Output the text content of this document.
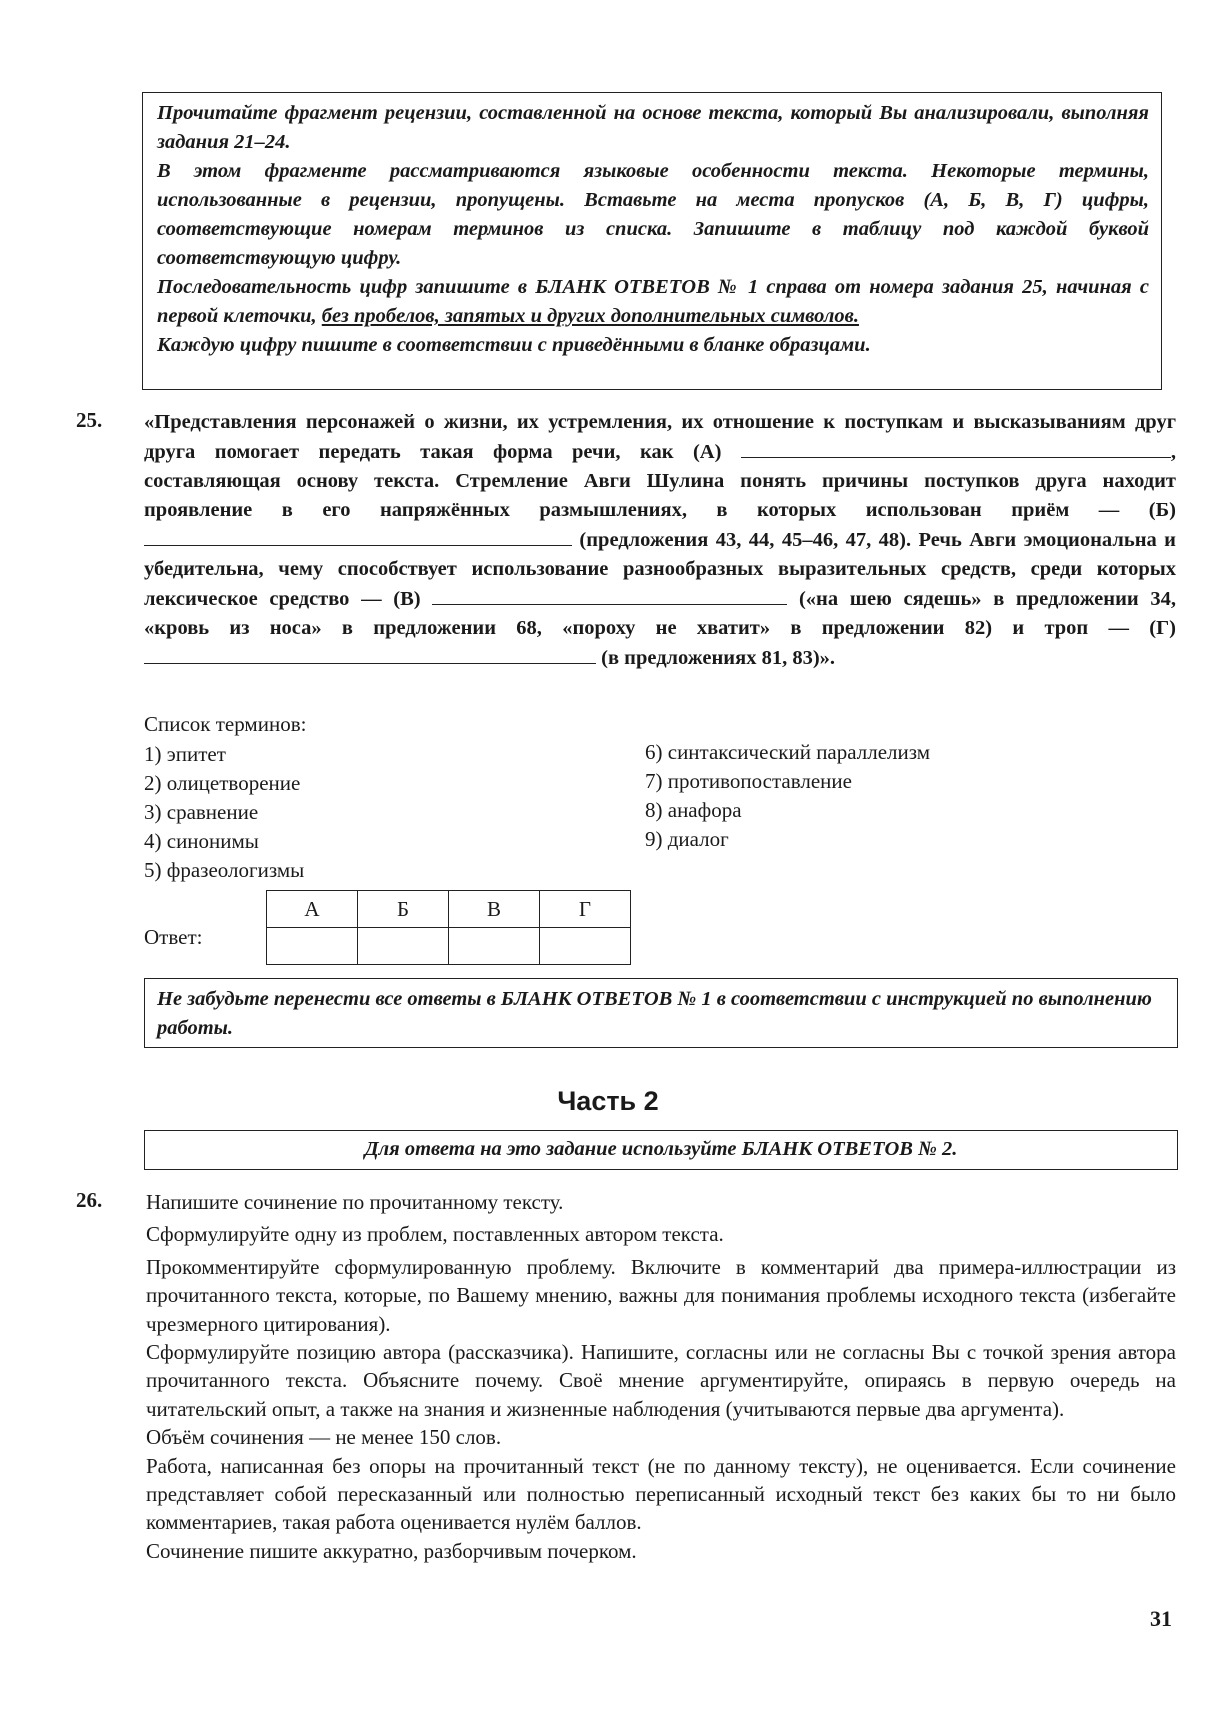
Прочитайте фрагмент рецензии, составленной на основе текста, который Вы анализировали, выполняя задания 21–24.

В этом фрагменте рассматриваются языковые особенности текста. Некоторые термины, использованные в рецензии, пропущены. Вставьте на места пропусков (А, Б, В, Г) цифры, соответствующие номерам терминов из списка. Запишите в таблицу под каждой буквой соответствующую цифру.

Последовательность цифр запишите в БЛАНК ОТВЕТОВ № 1 справа от номера задания 25, начиная с первой клеточки, без пробелов, запятых и других дополнительных символов.

Каждую цифру пишите в соответствии с приведёнными в бланке образцами.

25. «Представления персонажей о жизни, их устремления, их отношение к поступкам и высказываниям друг друга помогает передать такая форма речи, как (А)	, составляющая основу текста. Стремление Авги Шулина понять причины поступков друга находит проявление в его напряжённых размышлениях, в которых использован приём — (Б)  (предложения 43, 44, 45–46, 47, 48). Речь Авги эмоциональна и убедительна, чему способствует использование разнообразных выразительных средств, среди которых лексическое средство — (В)	(«на шею сядешь» в предложении 34, «кровь из носа» в предложении 68, «пороху не хватит» в предложении 82) и троп — (Г)  (в предложениях 81, 83)».

Список терминов:
1) эпитет
2) олицетворение
3) сравнение
4) синонимы
5) фразеологизмы
6) синтаксический параллелизм
7) противопоставление
8) анафора
9) диалог
Ответ:
А	Б	В	Г

Не забудьте перенести все ответы в БЛАНК ОТВЕТОВ № 1 в соответствии с инструкцией по выполнению работы.
Часть 2
Для ответа на это задание используйте БЛАНК ОТВЕТОВ № 2.
26. Напишите сочинение по прочитанному тексту.

Сформулируйте одну из проблем, поставленных автором текста.

Прокомментируйте сформулированную проблему. Включите в комментарий два примера-иллюстрации из прочитанного текста, которые, по Вашему мнению, важны для понимания проблемы исходного текста (избегайте чрезмерного цитирования).

Сформулируйте позицию автора (рассказчика). Напишите, согласны или не согласны Вы с точкой зрения автора прочитанного текста. Объясните почему. Своё мнение аргументируйте, опираясь в первую очередь на читательский опыт, а также на знания и жизненные наблюдения (учитываются первые два аргумента).

Объём сочинения — не менее 150 слов.

Работа, написанная без опоры на прочитанный текст (не по данному тексту), не оценивается. Если сочинение представляет собой пересказанный или полностью переписанный исходный текст без каких бы то ни было комментариев, такая работа оценивается нулём баллов.

Сочинение пишите аккуратно, разборчивым почерком.

31
